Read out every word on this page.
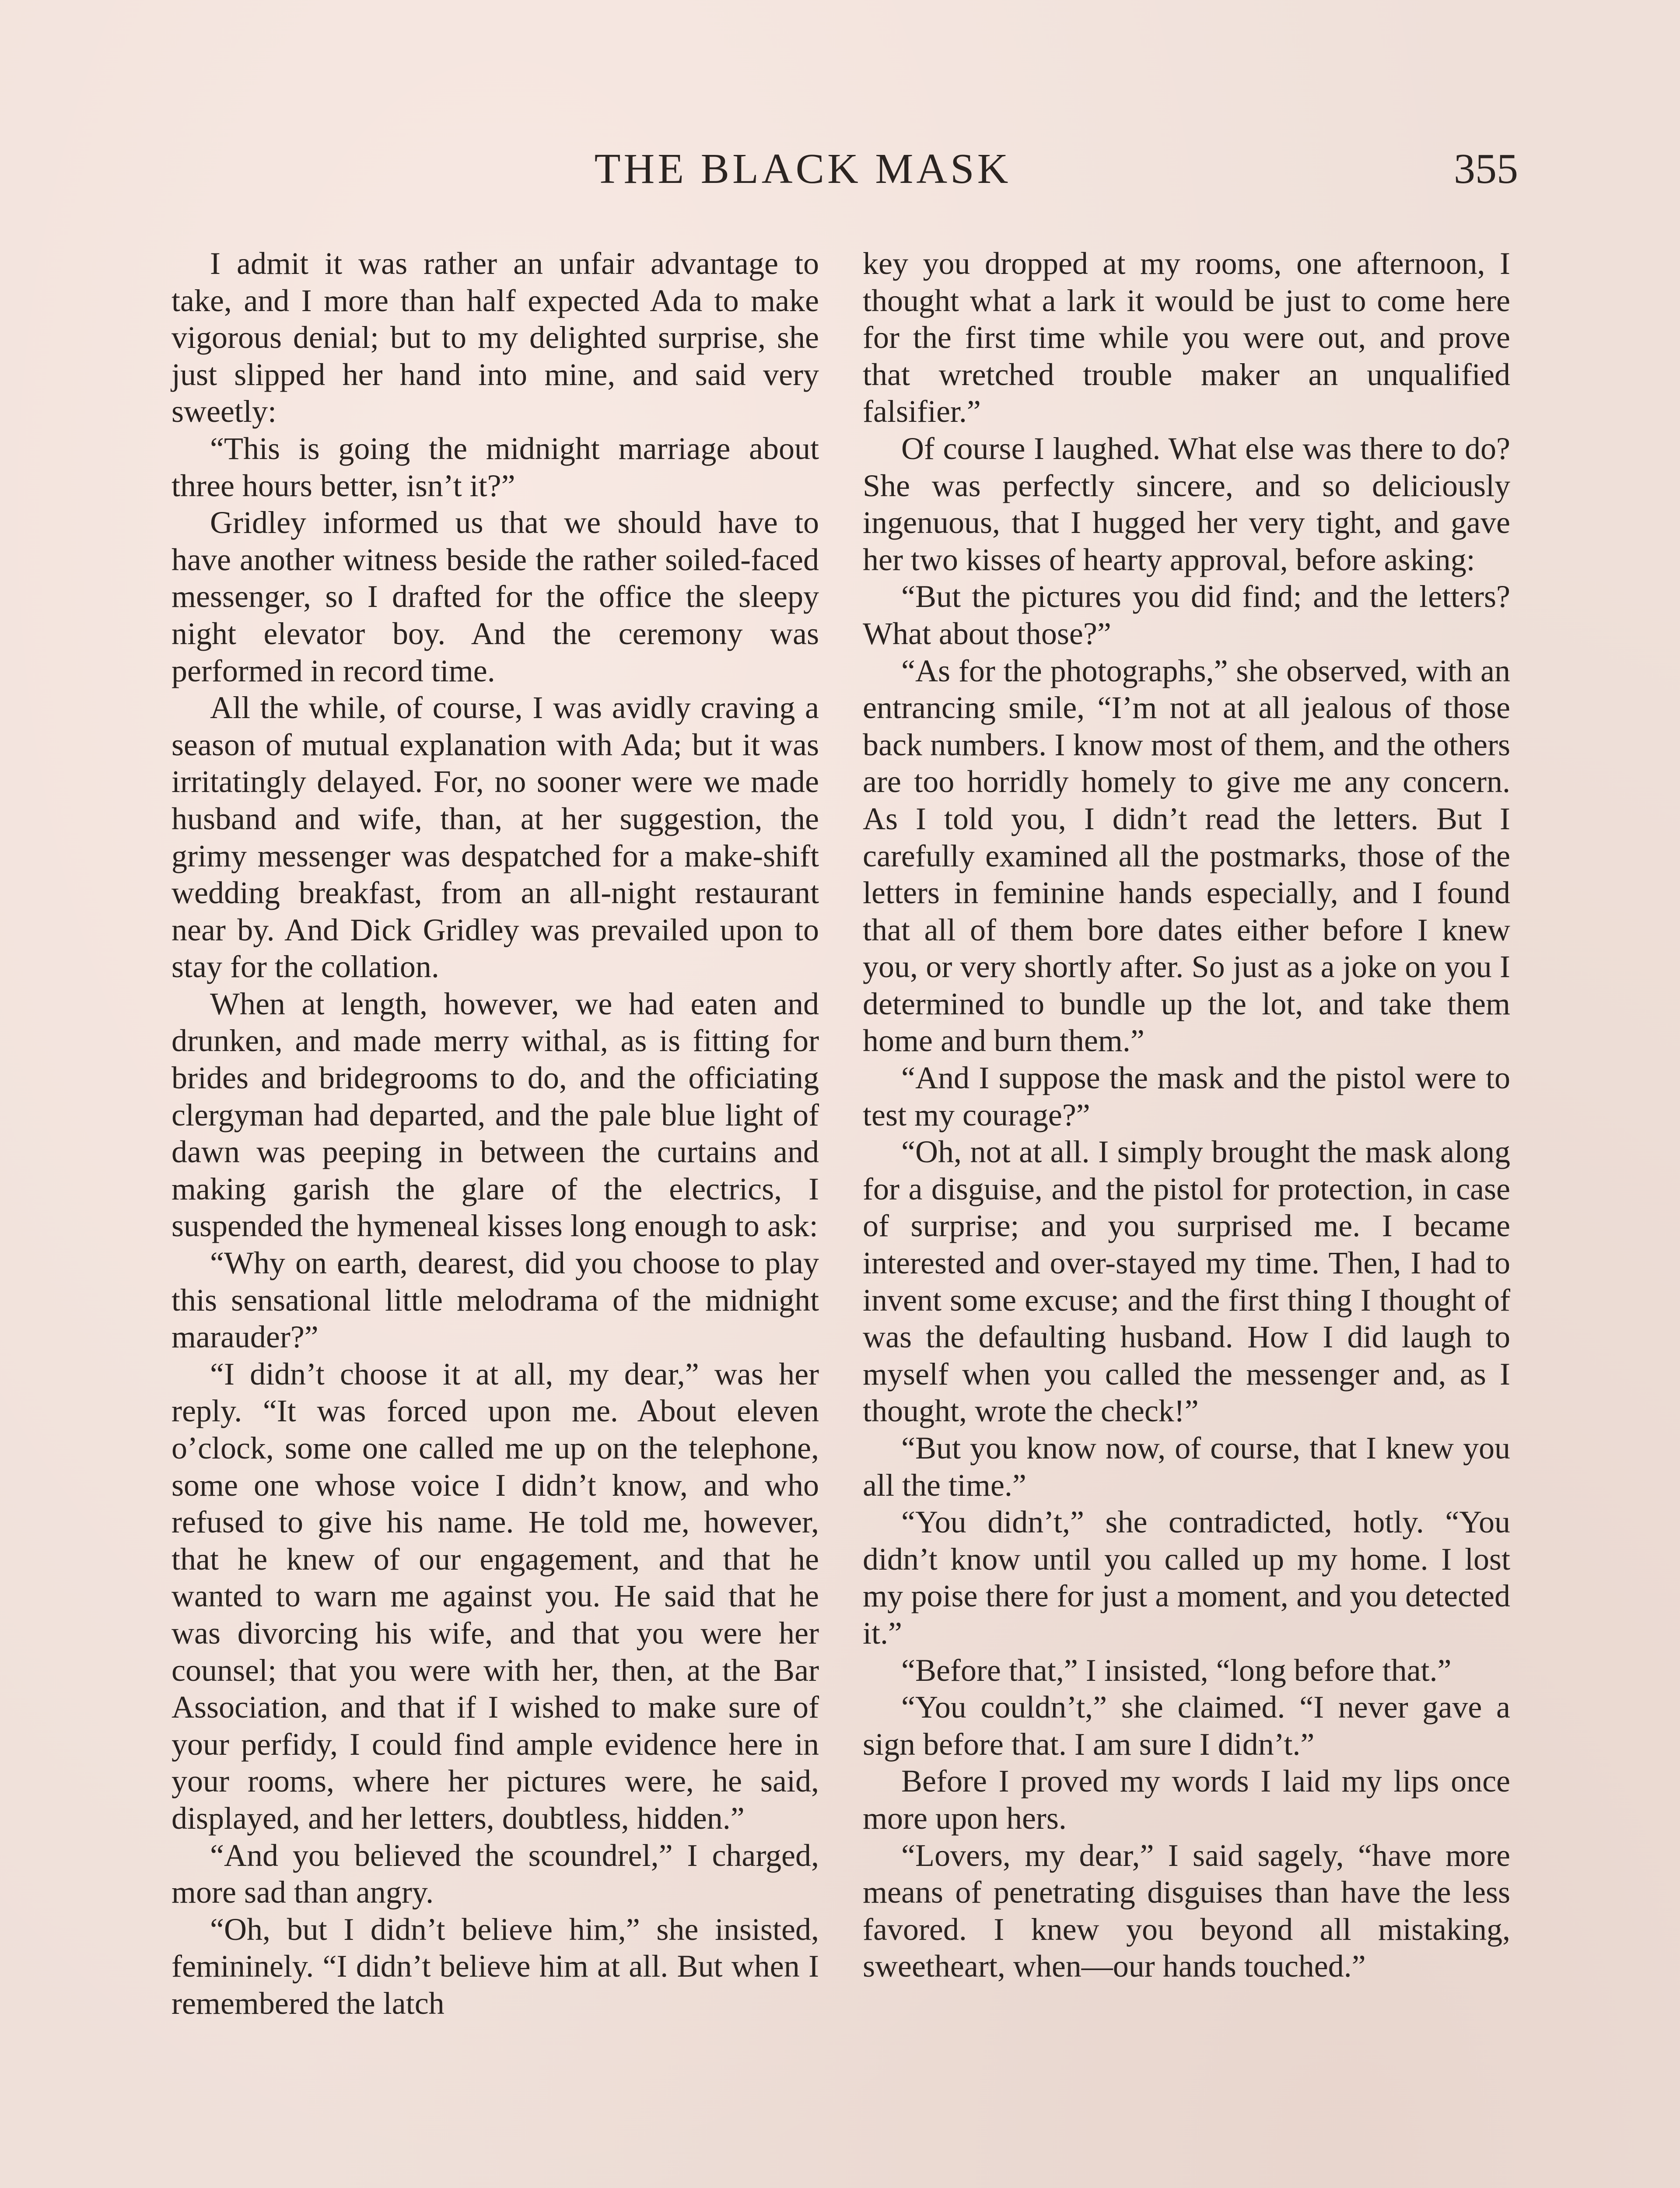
THE BLACK MASK	355

I admit it was rather an unfair advantage to take, and I more than half expected Ada to make vigorous denial; but to my delighted surprise, she just slipped her hand into mine, and said very sweetly:

“This is going the midnight marriage about three hours better, isn’t it?”

Gridley informed us that we should have to have another witness beside the rather soiled-faced messenger, so I drafted for the office the sleepy night elevator boy. And the ceremony was performed in record time.

All the while, of course, I was avidly craving a season of mutual explanation with Ada; but it was irritatingly delayed. For, no sooner were we made husband and wife, than, at her suggestion, the grimy messenger was despatched for a make-shift wedding breakfast, from an all-night restaurant near by. And Dick Gridley was prevailed upon to stay for the collation.

When at length, however, we had eaten and drunken, and made merry withal, as is fitting for brides and bridegrooms to do, and the officiating clergyman had departed, and the pale blue light of dawn was peeping in between the curtains and making garish the glare of the electrics, I suspended the hymeneal kisses long enough to ask:

“Why on earth, dearest, did you choose to play this sensational little melodrama of the midnight marauder?”

“I didn’t choose it at all, my dear,” was her reply. “It was forced upon me. About eleven o’clock, some one called me up on the telephone, some one whose voice I didn’t know, and who refused to give his name. He told me, however, that he knew of our engagement, and that he wanted to warn me against you. He said that he was divorcing his wife, and that you were her counsel; that you were with her, then, at the Bar Association, and that if I wished to make sure of your perfidy, I could find ample evidence here in your rooms, where her pictures were, he said, displayed, and her letters, doubtless, hidden.”

“And you believed the scoundrel,” I charged, more sad than angry.

“Oh, but I didn’t believe him,” she insisted, femininely. “I didn’t believe him at all. But when I remembered the latch

key you dropped at my rooms, one afternoon, I thought what a lark it would be just to come here for the first time while you were out, and prove that wretched trouble maker an unqualified falsifier.”

Of course I laughed. What else was there to do? She was perfectly sincere, and so deliciously ingenuous, that I hugged her very tight, and gave her two kisses of hearty approval, before asking:

“But the pictures you did find; and the letters? What about those?”

“As for the photographs,” she observed, with an entrancing smile, “I’m not at all jealous of those back numbers. I know most of them, and the others are too horridly homely to give me any concern. As I told you, I didn’t read the letters. But I carefully examined all the postmarks, those of the letters in feminine hands especially, and I found that all of them bore dates either before I knew you, or very shortly after. So just as a joke on you I determined to bundle up the lot, and take them home and burn them.”

“And I suppose the mask and the pistol were to test my courage?”

“Oh, not at all. I simply brought the mask along for a disguise, and the pistol for protection, in case of surprise; and you surprised me. I became interested and over-stayed my time. Then, I had to invent some excuse; and the first thing I thought of was the defaulting husband. How I did laugh to myself when you called the messenger and, as I thought, wrote the check!”

“But you know now, of course, that I knew you all the time.”

“You didn’t,” she contradicted, hotly. “You didn’t know until you called up my home. I lost my poise there for just a moment, and you detected it.”

“Before that,” I insisted, “long before that.”

“You couldn’t,” she claimed. “I never gave a sign before that. I am sure I didn’t.”

Before I proved my words I laid my lips once more upon hers.

“Lovers, my dear,” I said sagely, “have more means of penetrating disguises than have the less favored. I knew you beyond all mistaking, sweetheart, when—our hands touched.”
